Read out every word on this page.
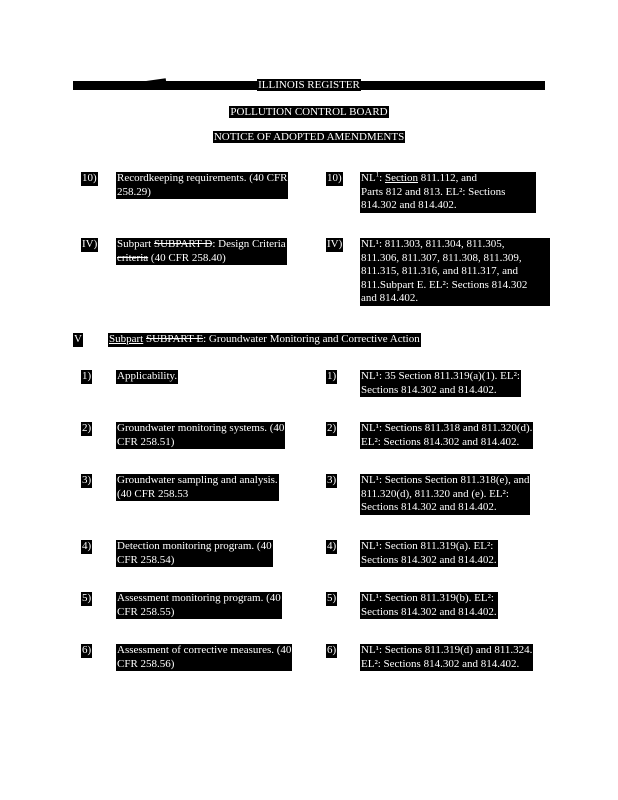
ILLINOIS REGISTER
POLLUTION CONTROL BOARD
NOTICE OF ADOPTED AMENDMENTS
10) Recordkeeping requirements. (40 CFR
258.29)
10) $NL^1$: Section 811.112, and
Parts 812 and 813. EL²: Sections
814.302 and 814.402.
IV) Subpart SUBPART D: Design Criteria
criteria (40 CFR 258.40)
IV) NL¹: 811.303, 811.304, 811.305,
811.306, 811.307, 811.308, 811.309,
811.315, 811.316, and 811.317, and
811.Subpart E. EL²: Sections 814.302
and 814.402.
V Subpart SUBPART E: Groundwater Monitoring and Corrective Action
1) Applicability.	1) NL¹: 35 Section 811.319(a)(1). EL²:
Sections 814.302 and 814.402.
2) Groundwater monitoring systems. (40
CFR 258.51)
2) NL¹: Sections 811.318 and 811.320(d).
EL²: Sections 814.302 and 814.402.
3) Groundwater sampling and analysis.
(40 CFR 258.53
3) NL¹: Sections Section 811.318(e), and
811.320(d), 811.320 and (e). EL²:
Sections 814.302 and 814.402.
4) Detection monitoring program. (40
CFR 258.54)
4) NL¹: Section 811.319(a). EL²:
Sections 814.302 and 814.402.
5) Assessment monitoring program. (40
CFR 258.55)
5) NL¹: Section 811.319(b). EL²:
Sections 814.302 and 814.402.
6) Assessment of corrective measures. (40
CFR 258.56)
6) NL¹: Sections 811.319(d) and 811.324.
EL²: Sections 814.302 and 814.402.
